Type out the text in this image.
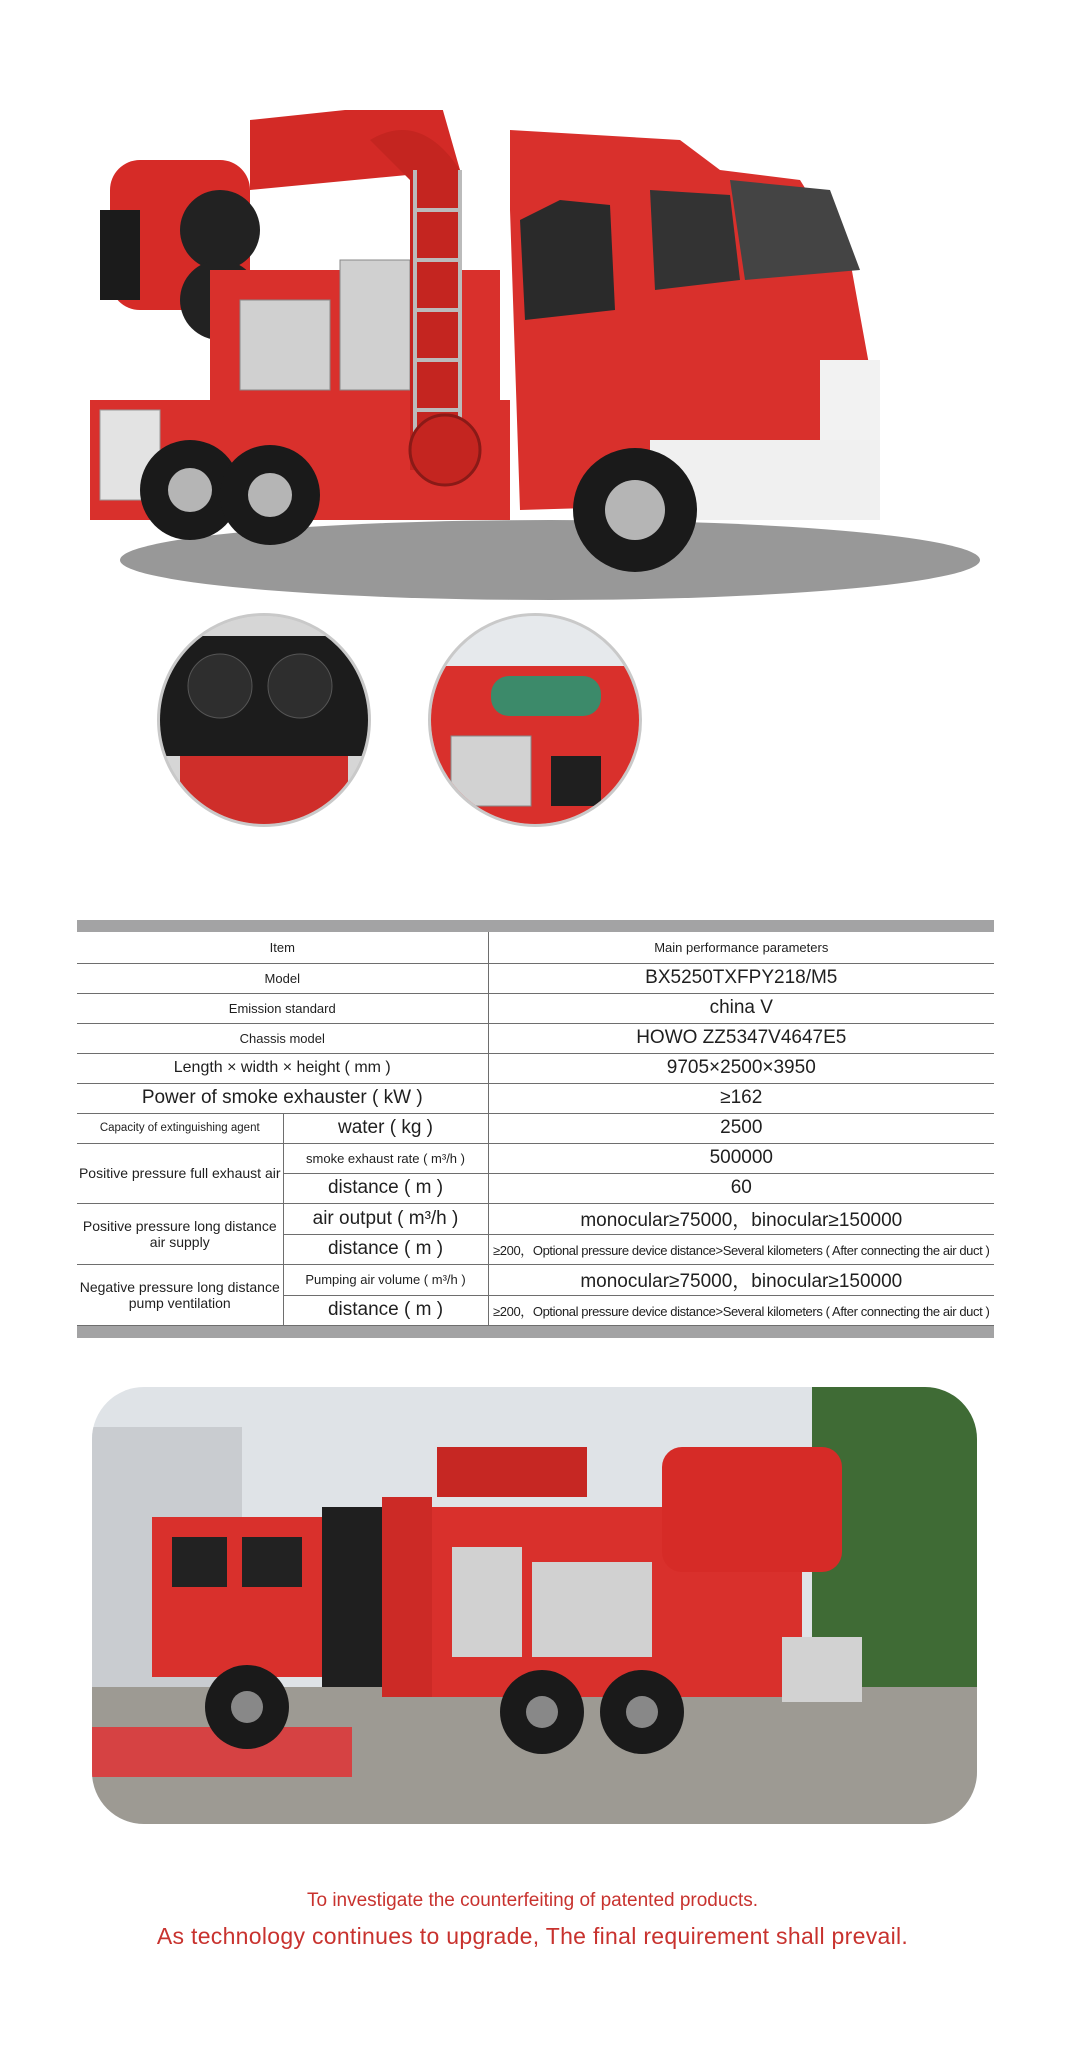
Item		Main performance parameters
Model		BX5250TXFPY218/M5
Emission standard		china V
Chassis model		HOWO ZZ5347V4647E5
Length × width × height ( mm )		9705×2500×3950
Power of smoke exhauster ( kW )		≥162
Capacity of extinguishing agent	water ( kg )	2500
Positive pressure full exhaust air	smoke exhaust rate ( m³/h )	500000
	distance ( m )	60
Positive pressure long distance air supply	air output ( m³/h )	monocular≥75000，binocular≥150000
	distance ( m )	≥200，Optional pressure device distance>Several kilometers ( After connecting the air duct )
Negative pressure long distance pump ventilation	Pumping air volume ( m³/h )	monocular≥75000，binocular≥150000
	distance ( m )	≥200，Optional pressure device distance>Several kilometers ( After connecting the air duct )
To investigate the counterfeiting of patented products.
As technology continues to upgrade, The final requirement shall prevail.
